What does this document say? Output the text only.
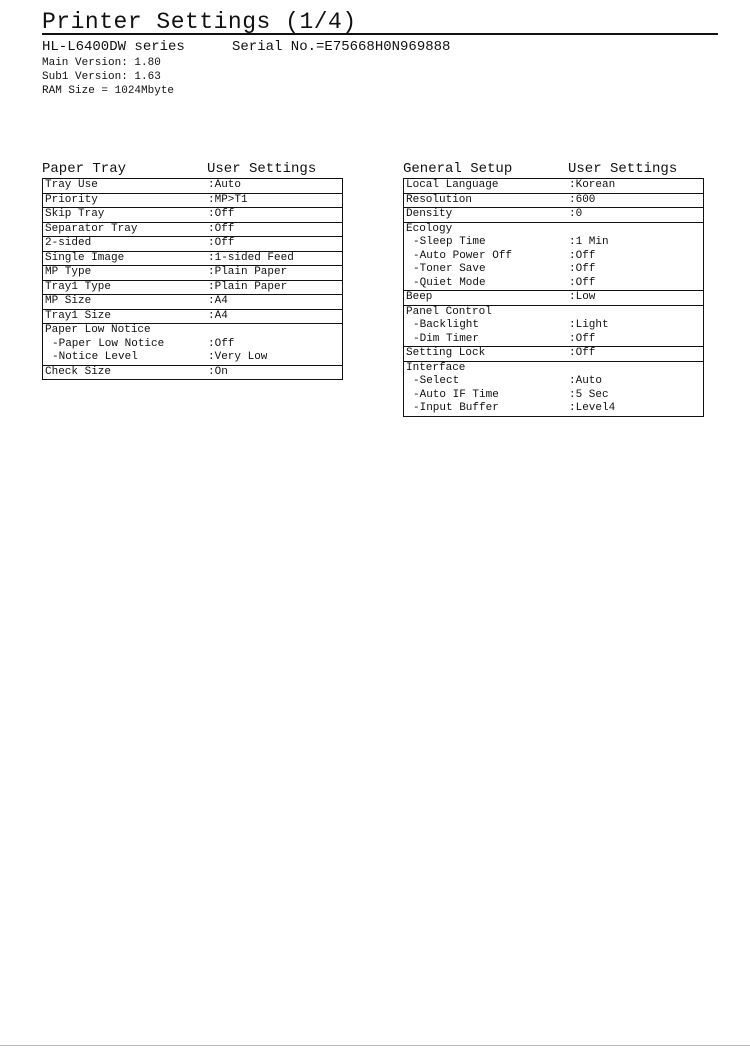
Printer Settings (1/4)
HL-L6400DW series	Serial No.=E75668H0N969888
Main Version: 1.80
Sub1 Version: 1.63
RAM Size = 1024Mbyte
Paper Tray	User Settings
Tray Use	:Auto
Priority	:MP>T1
Skip Tray	:Off
Separator Tray	:Off
2-sided	:Off
Single Image	:1-sided Feed
MP Type	:Plain Paper
Tray1 Type	:Plain Paper
MP Size	:A4
Tray1 Size	:A4
Paper Low Notice
-Paper Low Notice	:Off
-Notice Level	:Very Low
Check Size	:On
General Setup	User Settings
Local Language	:Korean
Resolution	:600
Density	:0
Ecology
-Sleep Time	:1 Min
-Auto Power Off	:Off
-Toner Save	:Off
-Quiet Mode	:Off
Beep	:Low
Panel Control
-Backlight	:Light
-Dim Timer	:Off
Setting Lock	:Off
Interface
-Select	:Auto
-Auto IF Time	:5 Sec
-Input Buffer	:Level4
